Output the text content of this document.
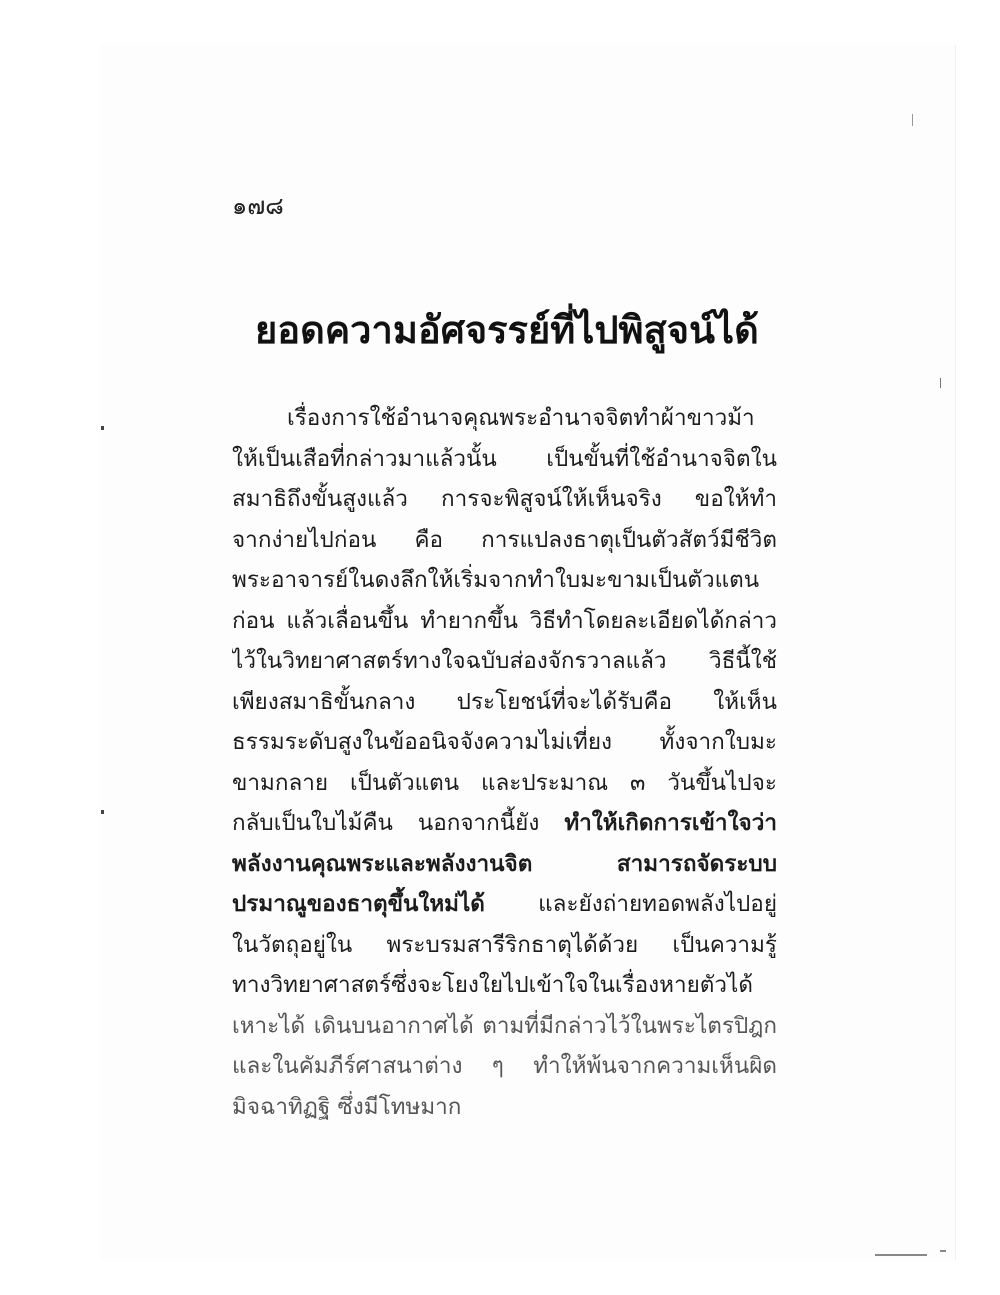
๑๗๘
ยอดความอัศจรรย์ที่ไปพิสูจน์ได้
เรื่องการใช้อำนาจคุณพระอำนาจจิตทำผ้าขาวม้า
ให้เป็นเสือที่กล่าวมาแล้วนั้น เป็นขั้นที่ใช้อำนาจจิตใน
สมาธิถึงขั้นสูงแล้ว การจะพิสูจน์ให้เห็นจริง ขอให้ทำ
จากง่ายไปก่อน คือ การแปลงธาตุเป็นตัวสัตว์มีชีวิต
พระอาจารย์ในดงลึกให้เริ่มจากทำใบมะขามเป็นตัวแตน
ก่อน แล้วเลื่อนขึ้น ทำยากขึ้น วิธีทำโดยละเอียดได้กล่าว
ไว้ในวิทยาศาสตร์ทางใจฉบับส่องจักรวาลแล้ว วิธีนี้ใช้
เพียงสมาธิขั้นกลาง ประโยชน์ที่จะได้รับคือ ให้เห็น
ธรรมระดับสูงในข้ออนิจจังความไม่เที่ยง ทั้งจากใบมะ
ขามกลาย เป็นตัวแตน และประมาณ ๓ วันขึ้นไปจะ
กลับเป็นใบไม้คืน นอกจากนี้ยัง ทำให้เกิดการเข้าใจว่า
พลังงานคุณพระและพลังงานจิต สามารถจัดระบบ
ปรมาณูของธาตุขึ้นใหม่ได้ และยังถ่ายทอดพลังไปอยู่
ในวัตถุอยู่ใน พระบรมสารีริกธาตุได้ด้วย เป็นความรู้
ทางวิทยาศาสตร์ซึ่งจะโยงใยไปเข้าใจในเรื่องหายตัวได้
เหาะได้ เดินบนอากาศได้ ตามที่มีกล่าวไว้ในพระไตรปิฎก
และในคัมภีร์ศาสนาต่าง ๆ ทำให้พ้นจากความเห็นผิด
มิจฉาทิฏฐิ ซึ่งมีโทษมาก
